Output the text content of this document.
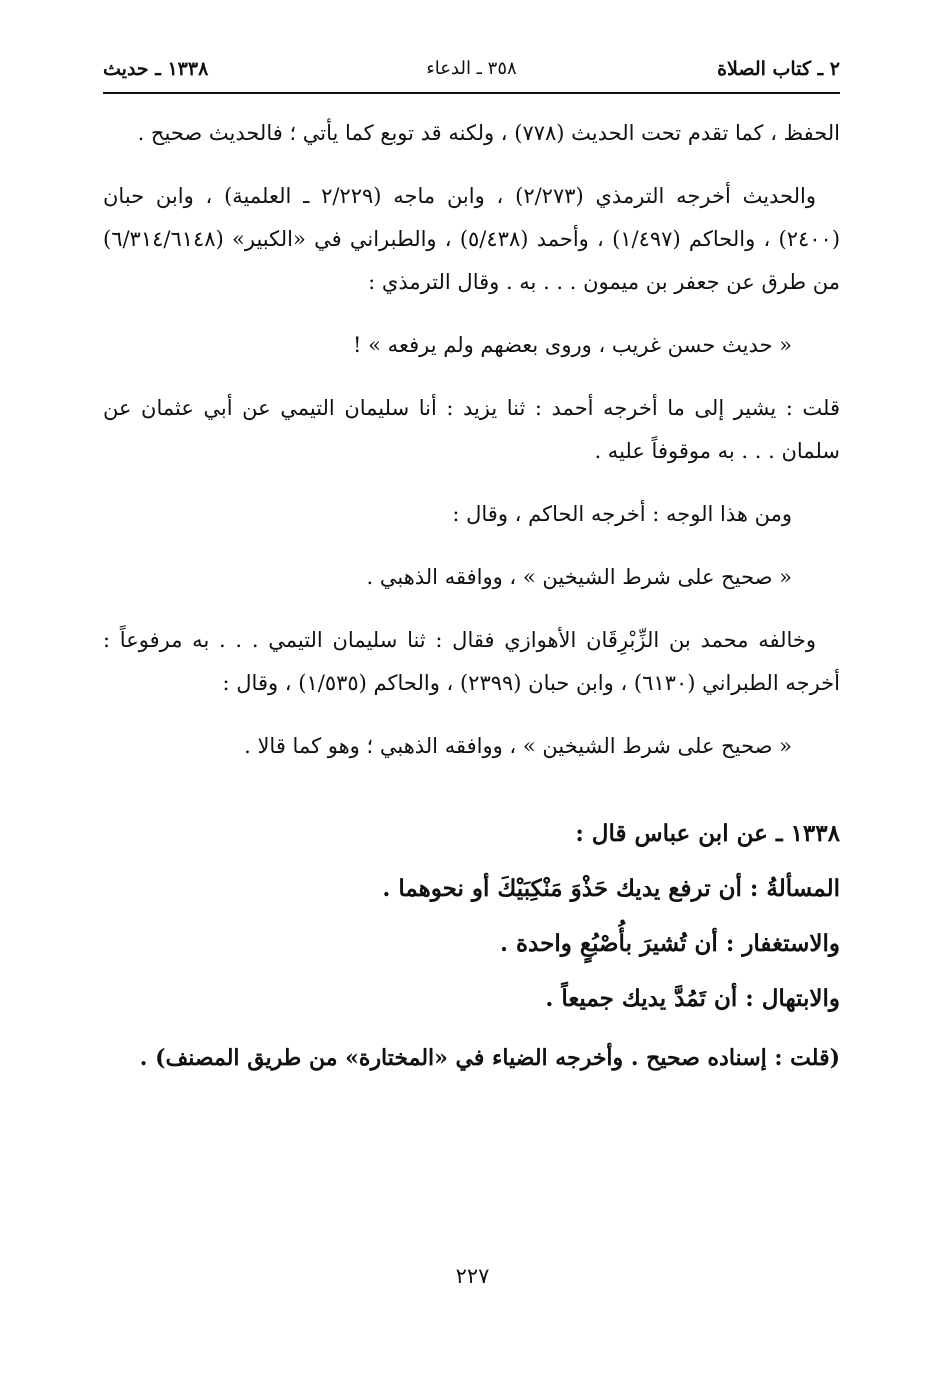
٢ ـ كتاب الصلاة
٣٥٨ ـ الدعاء
١٣٣٨ ـ حديث

الحفظ ، كما تقدم تحت الحديث (٧٧٨) ، ولكنه قد توبع كما يأتي ؛ فالحديث صحيح .

والحديث أخرجه الترمذي (٢/٢٧٣) ، وابن ماجه (٢/٢٢٩ ـ العلمية) ، وابن حبان (٢٤٠٠) ، والحاكم (١/٤٩٧) ، وأحمد (٥/٤٣٨) ، والطبراني في «الكبير» (٦/٣١٤/٦١٤٨) من طرق عن جعفر بن ميمون . . . به . وقال الترمذي :

« حديث حسن غريب ، وروى بعضهم ولم يرفعه » !

قلت : يشير إلى ما أخرجه أحمد : ثنا يزيد : أنا سليمان التيمي عن أبي عثمان عن سلمان . . . به موقوفاً عليه .

ومن هذا الوجه : أخرجه الحاكم ، وقال :

« صحيح على شرط الشيخين » ، ووافقه الذهبي .

وخالفه محمد بن الزِّبْرِقَان الأهوازي فقال : ثنا سليمان التيمي . . . به مرفوعاً : أخرجه الطبراني (٦١٣٠) ، وابن حبان (٢٣٩٩) ، والحاكم (١/٥٣٥) ، وقال :

« صحيح على شرط الشيخين » ، ووافقه الذهبي ؛ وهو كما قالا .

١٣٣٨ ـ عن ابن عباس قال :
المسألةُ : أن ترفع يديك حَذْوَ مَنْكِبَيْكَ أو نحوهما .
والاستغفار : أن تُشيرَ بأُصْبُعٍ واحدة .
والابتهال : أن تَمُدَّ يديك جميعاً .

(قلت : إسناده صحيح . وأخرجه الضياء في «المختارة» من طريق المصنف) .

٢٢٧
